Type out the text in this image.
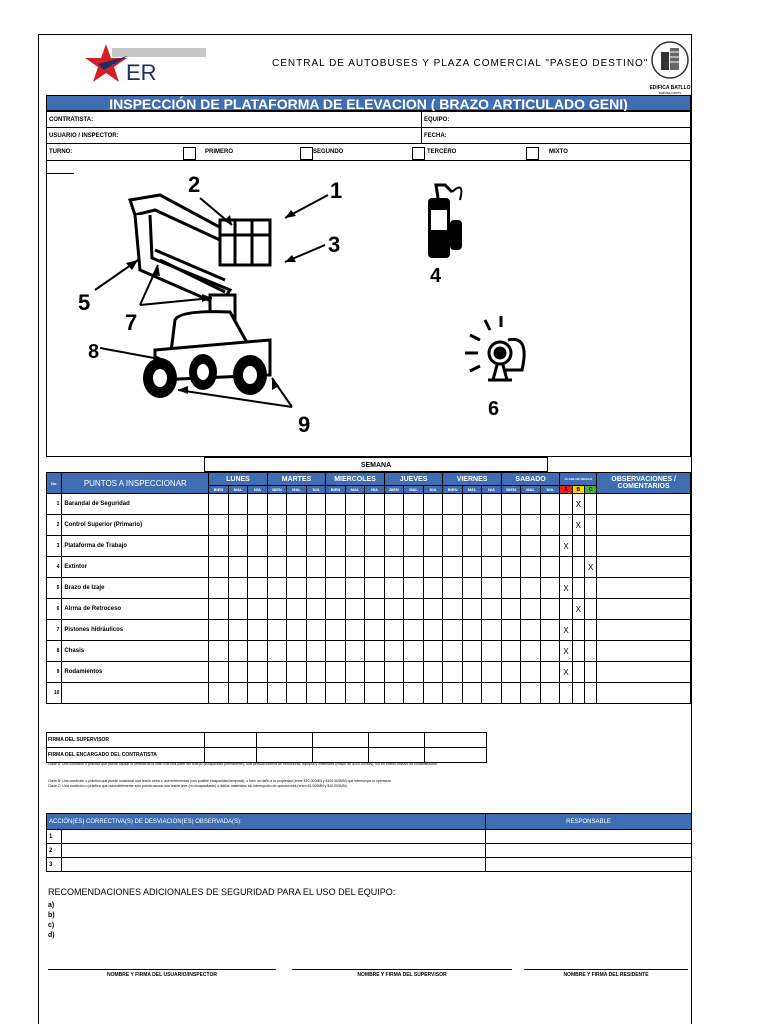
ER	CENTRAL DE AUTOBUSES Y PLAZA COMERCIAL "PASEO DESTINO"
EDIFICA BATLLO
INMOBILIARIOS
INSPECCIÓN DE PLATAFORMA DE ELEVACION ( BRAZO ARTICULADO GENI)
CONTRATISTA:	EQUIPO:
USUARIO / INSPECTOR:	FECHA:
TURNO:	PRIMERO	SEGUNDO	TERCERO	MIXTO
1
2
3
4
5
6
7
8
9
SEMANA
No.	PUNTOS A INSPECCIONAR	LUNES			MARTES			MIERCOLES			JUEVES			VIERNES			SABADO			CLASE DE RIESGO			OBSERVACIONES / COMENTARIOS
		BIEN	MAL	N/A	BIEN	MAL	N/A	BIEN	MAL	N/A	BIEN	MAL	N/A	BIEN	MAL	N/A	BIEN	MAL	N/A	A	B	C	
1	Barandal de Seguridad																				X		
2	Control Superior (Primario)																				X		
3	Plataforma de Trabajo																			X			
4	Extintor																					X	
5	Brazo de Izaje																			X			
6	Alrma de Retroceso																				X		
7	Pistones hidráulicos																			X			
8	Chasis																			X			
9	Rodamientos																			X			
10																							
FIRMA DEL SUPERVISOR					
FIRMA DEL ENCARGADO DEL CONTRATISTA					
Clase A: Una condición o práctica que puede causar la pérdida de la vida o de una parte del cuerpo (incapacidad permanente); una pérdida externa de estructuras, equipos y materiales (mayor de $100,000MN), y/o un evento masivo de contaminación.
Clase B: Una condición o práctica que puede ocasionar una lesión seria o una enfermedad (con posible incapacidad temporal), o bien un daño a la propiedad (entre $10,000MN y $100,000MN) que interrumpa la operación.
Clase C: Una condición o práctica que razonablemente sólo pueda causar una lesión leve (no incapacitante) o daños materiales sin interrupción de operaciones (entre $1,000MN y $10,000MN).
ACCIÓN(ES) CORRECTIVA(S) DE DESVIACION(ES) OBSERVADA(S):		RESPONSABLE
1		
2		
3		
RECOMENDACIONES ADICIONALES DE SEGURIDAD PARA EL USO DEL EQUIPO:
a)
b)
c)
d)
NOMBRE Y FIRMA DEL USUARIO/INSPECTOR	NOMBRE Y FIRMA DEL SUPERVISOR	NOMBRE Y FIRMA DEL RESIDENTE
